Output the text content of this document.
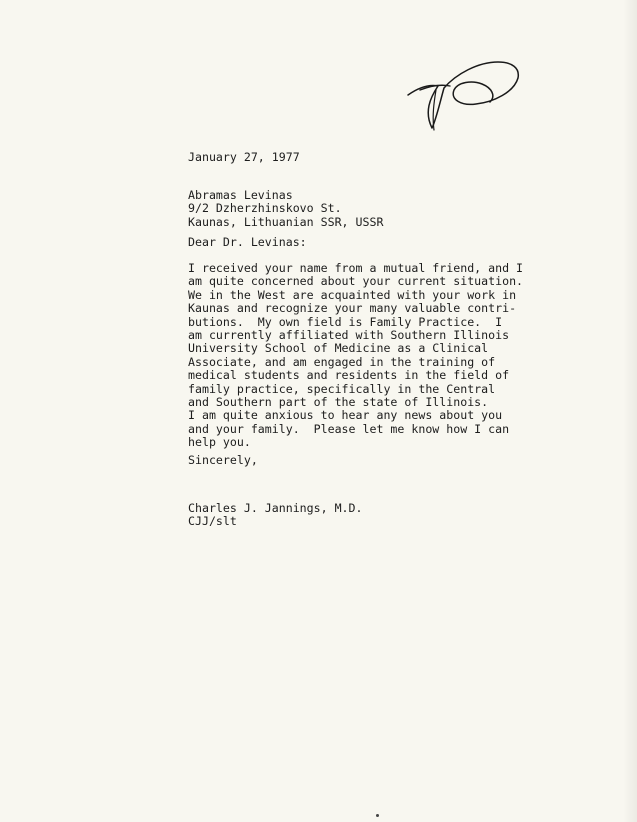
January 27, 1977
Abramas Levinas
9/2 Dzherzhinskovo St.
Kaunas, Lithuanian SSR, USSR
Dear Dr. Levinas:
I received your name from a mutual friend, and I
am quite concerned about your current situation.
We in the West are acquainted with your work in
Kaunas and recognize your many valuable contri-
butions.  My own field is Family Practice.  I
am currently affiliated with Southern Illinois
University School of Medicine as a Clinical
Associate, and am engaged in the training of
medical students and residents in the field of
family practice, specifically in the Central
and Southern part of the state of Illinois.
I am quite anxious to hear any news about you
and your family.  Please let me know how I can
help you.
Sincerely,
Charles J. Jannings, M.D.
CJJ/slt
